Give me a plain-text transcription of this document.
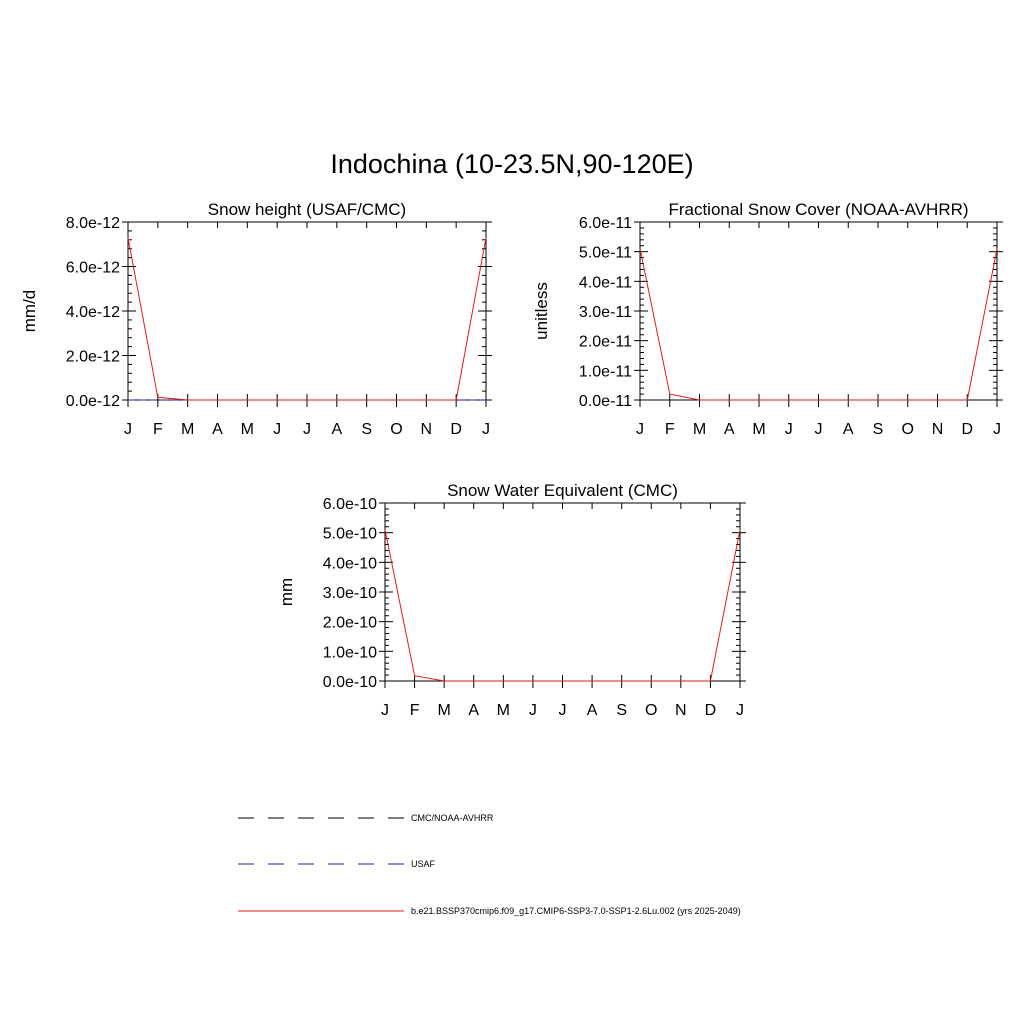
Indochina (10-23.5N,90-120E)
Snow height (USAF/CMC)
0.0e-12
2.0e-12
4.0e-12
6.0e-12
8.0e-12
J F M A M J J A S O N D J
mm/d
Fractional Snow Cover (NOAA-AVHRR)
0.0e-11
1.0e-11
2.0e-11
3.0e-11
4.0e-11
5.0e-11
6.0e-11
J F M A M J J A S O N D J
unitless
Snow Water Equivalent (CMC)
0.0e-10
1.0e-10
2.0e-10
3.0e-10
4.0e-10
5.0e-10
6.0e-10
J F M A M J J A S O N D J
mm
CMC/NOAA-AVHRR
USAF
b.e21.BSSP370cmip6.f09_g17.CMIP6-SSP3-7.0-SSP1-2.6Lu.002 (yrs 2025-2049)
